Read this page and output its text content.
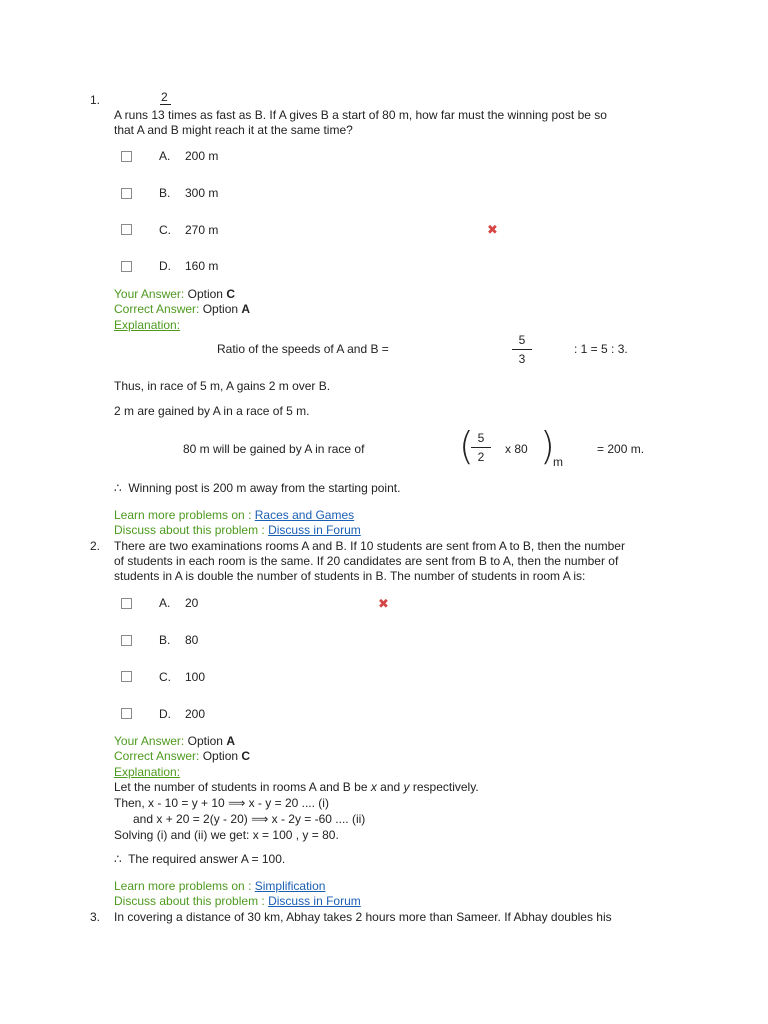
1.	2
A runs 13 times as fast as B. If A gives B a start of 80 m, how far must the winning post be so
that A and B might reach it at the same time?
A. 200 m
B. 300 m
C. 270 m	✖
D. 160 m
Your Answer: Option C
Correct Answer: Option A
Explanation:
Ratio of the speeds of A and B =
5
3
: 1 = 5 : 3.
Thus, in race of 5 m, A gains 2 m over B.
2 m are gained by A in a race of 5 m.
80 m will be gained by A in race of ( 5
2
x 80 )
m
= 200 m.
∴ Winning post is 200 m away from the starting point.
Learn more problems on : Races and Games
Discuss about this problem : Discuss in Forum
2. There are two examinations rooms A and B. If 10 students are sent from A to B, then the number
of students in each room is the same. If 20 candidates are sent from B to A, then the number of
students in A is double the number of students in B. The number of students in room A is:
A. 20	✖
B. 80
C. 100
D. 200
Your Answer: Option A
Correct Answer: Option C
Explanation:
Let the number of students in rooms A and B be x and y respectively.
Then, x - 10 = y + 10 ⟹ x - y = 20 .... (i)
and x + 20 = 2(y - 20) ⟹ x - 2y = -60 .... (ii)
Solving (i) and (ii) we get: x = 100 , y = 80.
∴ The required answer A = 100.
Learn more problems on : Simplification
Discuss about this problem : Discuss in Forum
3. In covering a distance of 30 km, Abhay takes 2 hours more than Sameer. If Abhay doubles his
